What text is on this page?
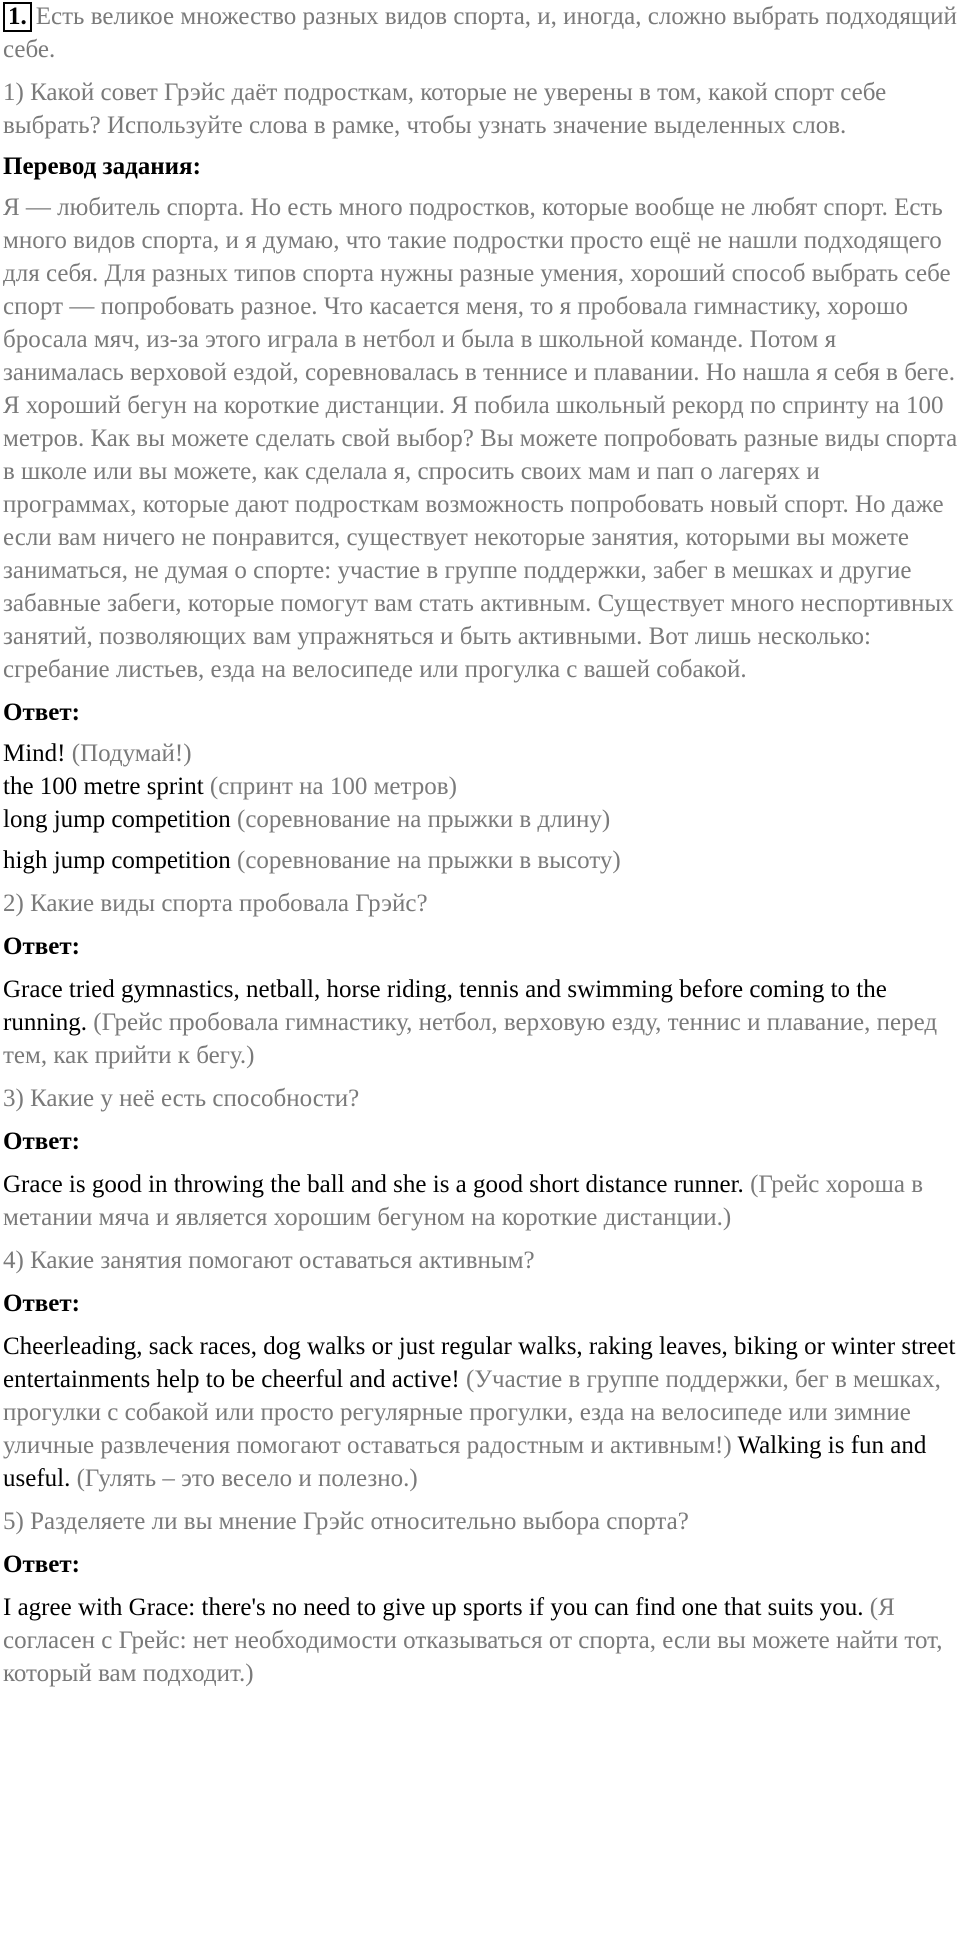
1. Есть великое множество разных видов спорта, и, иногда, сложно выбрать подходящий себе.

1) Какой совет Грэйс даёт подросткам, которые не уверены в том, какой спорт себе выбрать? Используйте слова в рамке, чтобы узнать значение выделенных слов.

Перевод задания:

Я — любитель спорта. Но есть много подростков, которые вообще не любят спорт. Есть много видов спорта, и я думаю, что такие подростки просто ещё не нашли подходящего для себя. Для разных типов спорта нужны разные умения, хороший способ выбрать себе спорт — попробовать разное. Что касается меня, то я пробовала гимнастику, хорошо бросала мяч, из-за этого играла в нетбол и была в школьной команде. Потом я занималась верховой ездой, соревновалась в теннисе и плавании. Но нашла я себя в беге. Я хороший бегун на короткие дистанции. Я побила школьный рекорд по спринту на 100 метров. Как вы можете сделать свой выбор? Вы можете попробовать разные виды спорта в школе или вы можете, как сделала я, спросить своих мам и пап о лагерях и программах, которые дают подросткам возможность попробовать новый спорт. Но даже если вам ничего не понравится, существует некоторые занятия, которыми вы можете заниматься, не думая о спорте: участие в группе поддержки, забег в мешках и другие забавные забеги, которые помогут вам стать активным. Существует много неспортивных занятий, позволяющих вам упражняться и быть активными. Вот лишь несколько: сгребание листьев, езда на велосипеде или прогулка с вашей собакой.

Ответ:

Mind! (Подумай!)

the 100 metre sprint (спринт на 100 метров)

long jump competition (соревнование на прыжки в длину)

high jump competition (соревнование на прыжки в высоту)

2) Какие виды спорта пробовала Грэйс?

Ответ:

Grace tried gymnastics, netball, horse riding, tennis and swimming before coming to the running. (Грейс пробовала гимнастику, нетбол, верховую езду, теннис и плавание, перед тем, как прийти к бегу.)

3) Какие у неё есть способности?

Ответ:

Grace is good in throwing the ball and she is a good short distance runner. (Грейс хороша в метании мяча и является хорошим бегуном на короткие дистанции.)

4) Какие занятия помогают оставаться активным?

Ответ:

Cheerleading, sack races, dog walks or just regular walks, raking leaves, biking or winter street entertainments help to be cheerful and active! (Участие в группе поддержки, бег в мешках, прогулки с собакой или просто регулярные прогулки, езда на велосипеде или зимние уличные развлечения помогают оставаться радостным и активным!) Walking is fun and useful. (Гулять – это весело и полезно.)

5) Разделяете ли вы мнение Грэйс относительно выбора спорта?

Ответ:

I agree with Grace: there's no need to give up sports if you can find one that suits you. (Я согласен с Грейс: нет необходимости отказываться от спорта, если вы можете найти тот, который вам подходит.)
